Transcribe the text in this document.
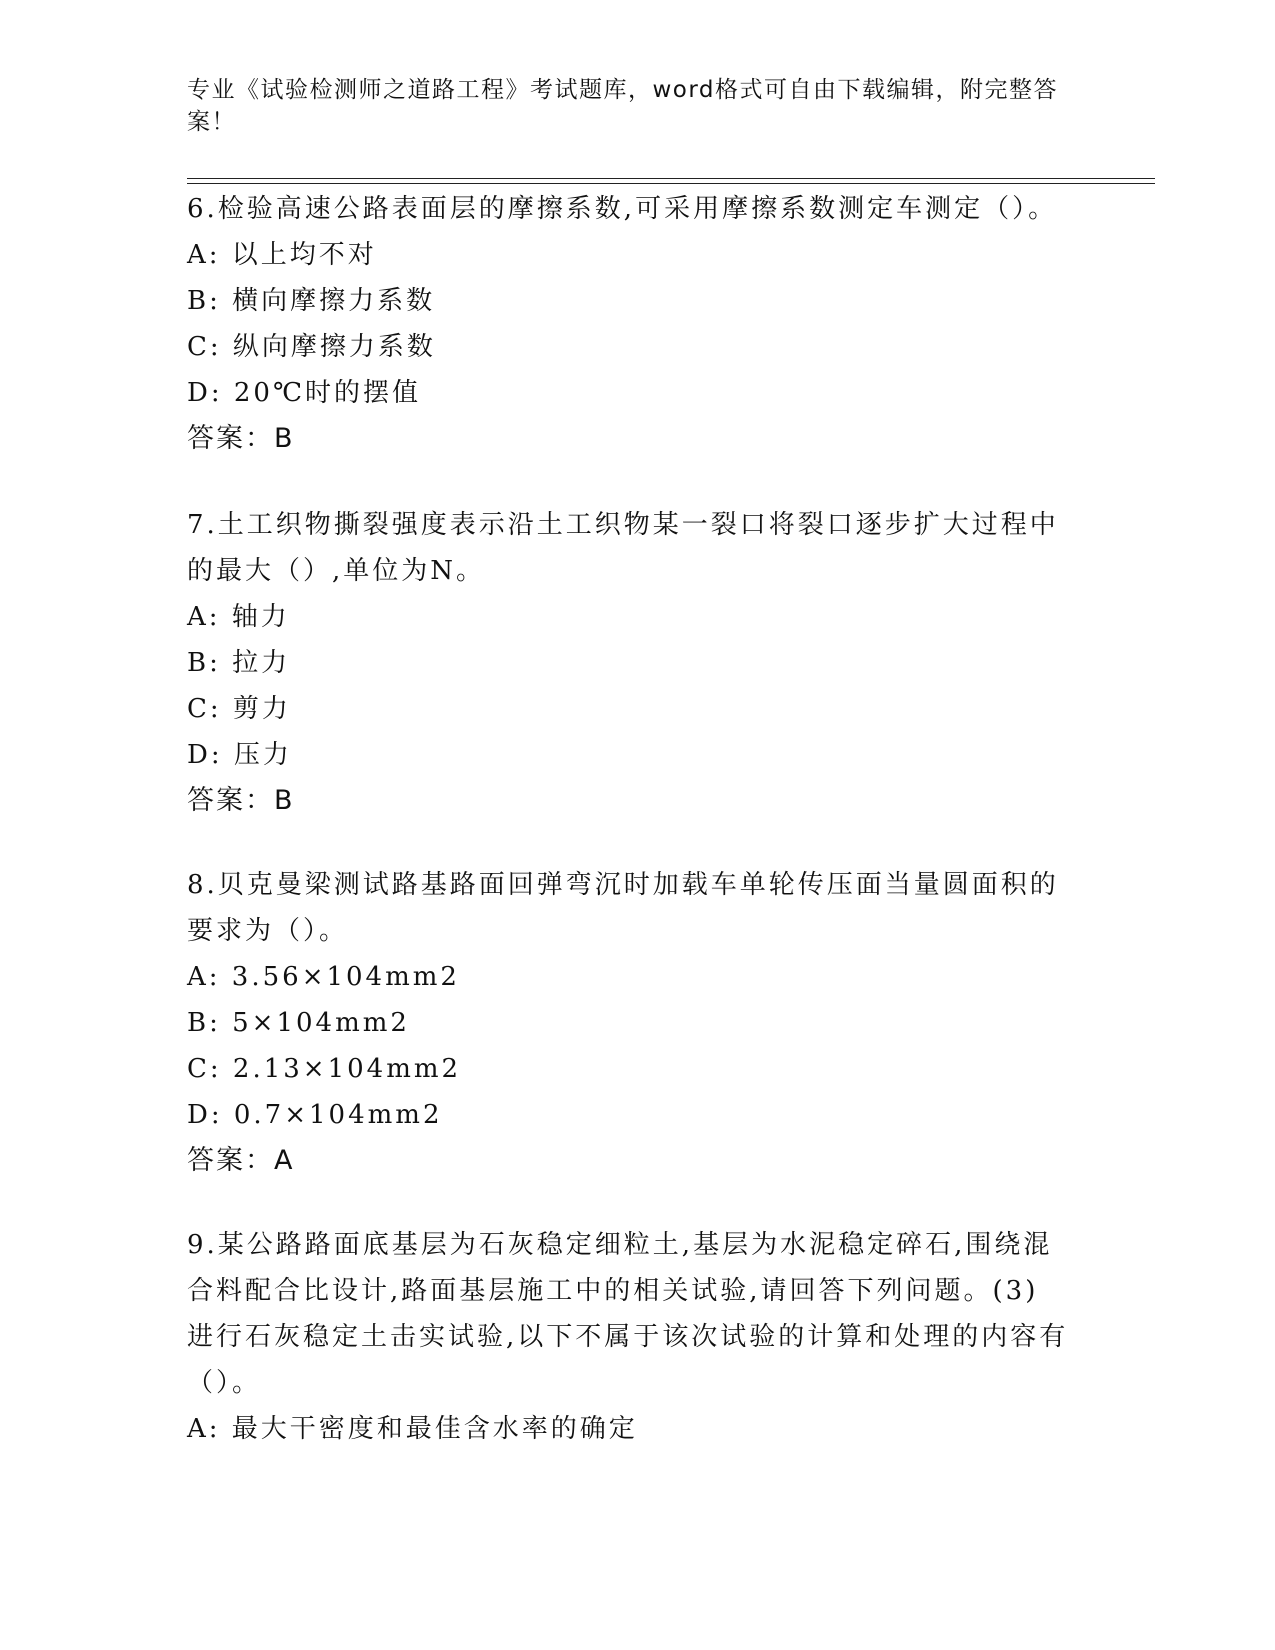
专业《试验检测师之道路工程》考试题库，word格式可自由下载编辑，附完整答
案！

6.检验高速公路表面层的摩擦系数,可采用摩擦系数测定车测定（）。

A: 以上均不对

B: 横向摩擦力系数

C: 纵向摩擦力系数

D: 20℃时的摆值

答案：B

7.土工织物撕裂强度表示沿土工织物某一裂口将裂口逐步扩大过程中

的最大（）,单位为N。

A: 轴力

B: 拉力

C: 剪力

D: 压力

答案：B

8.贝克曼梁测试路基路面回弹弯沉时加载车单轮传压面当量圆面积的

要求为（）。

A: 3.56×104mm2

B: 5×104mm2

C: 2.13×104mm2

D: 0.7×104mm2

答案：A

9.某公路路面底基层为石灰稳定细粒土,基层为水泥稳定碎石,围绕混

合料配合比设计,路面基层施工中的相关试验,请回答下列问题。(3)

进行石灰稳定土击实试验,以下不属于该次试验的计算和处理的内容有

（）。

A: 最大干密度和最佳含水率的确定
